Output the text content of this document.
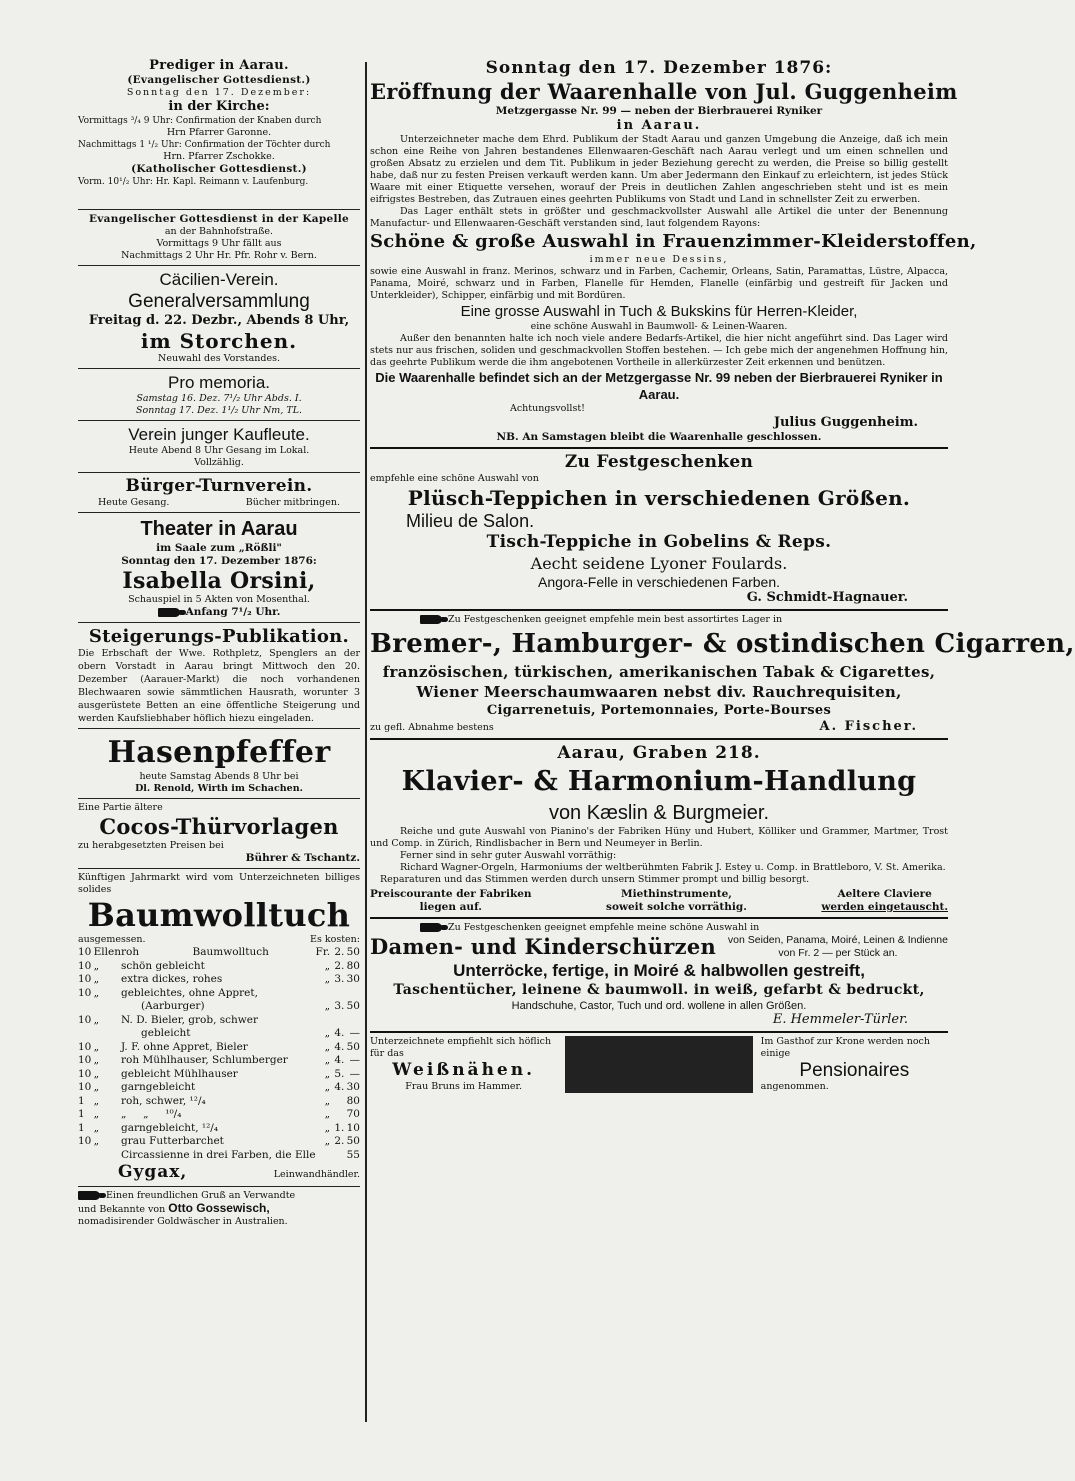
Prediger in Aarau.
(Evangelischer Gottesdienst.)
Sonntag den 17. Dezember:
in der Kirche:
Vormittags ³/₄ 9 Uhr: Confirmation der Knaben durch
Hrn Pfarrer Garonne.
Nachmittags 1 ¹/₂ Uhr: Confirmation der Töchter durch
Hrn. Pfarrer Zschokke.
(Katholischer Gottesdienst.)
Vorm. 10¹/₂ Uhr: Hr. Kapl. Reimann v. Laufenburg.
Evangelischer Gottesdienst in der Kapelle
an der Bahnhofstraße.
Vormittags 9 Uhr fällt aus
Nachmittags 2 Uhr Hr. Pfr. Rohr v. Bern.
Cäcilien-Verein.
Generalversammlung
Freitag d. 22. Dezbr., Abends 8 Uhr,
im Storchen.
Neuwahl des Vorstandes.
Pro memoria.
Samstag 16. Dez. 7¹/₂ Uhr Abds. I.
Sonntag 17. Dez. 1¹/₂ Uhr Nm, TL.
Verein junger Kaufleute.
Heute Abend 8 Uhr Gesang im Lokal.
Vollzählig.
Bürger-Turnverein.
Heute Gesang.	Bücher mitbringen.
Theater in Aarau
im Saale zum „Rößli"
Sonntag den 17. Dezember 1876:
Isabella Orsini,
Schauspiel in 5 Akten von Mosenthal.
Anfang 7¹/₂ Uhr.
Steigerungs-Publikation.
Die Erbschaft der Wwe. Rothpletz, Spenglers an der obern Vorstadt in Aarau bringt Mittwoch den 20. Dezember (Aarauer-Markt) die noch vorhandenen Blechwaaren sowie sämmtlichen Hausrath, worunter 3 ausgerüstete Betten an eine öffentliche Steigerung und werden Kaufsliebhaber höflich hiezu eingeladen.
Hasenpfeffer
heute Samstag Abends 8 Uhr bei
Dl. Renold, Wirth im Schachen.
Eine Partie ältere
Cocos-Thürvorlagen
zu herabgesetzten Preisen bei
Bührer & Tschantz.
Künftigen Jahrmarkt wird vom Unterzeichneten billiges solides
Baumwolltuch
ausgemessen.	Es kosten:
10	Ellen	roh                Baumwolltuch	Fr.	2.	50
10	„	schön gebleicht	„	2.	80
10	„	extra dickes, rohes	„	3.	30
10	„	gebleichtes, ohne Appret,			
		(Aarburger)	„	3.	50
10	„	N. D. Bieler, grob, schwer			
		gebleicht	„	4.	—
10	„	J. F. ohne Appret, Bieler	„	4.	50
10	„	roh Mühlhauser, Schlumberger	„	4.	—
10	„	gebleicht Mühlhauser	„	5.	—
10	„	garngebleicht	„	4.	30
1	„	roh, schwer, ¹²/₄	„		80
1	„	„     „     ¹⁰/₄	„		70
1	„	garngebleicht, ¹²/₄	„	1.	10
10	„	grau Futterbarchet	„	2.	50
		Circassienne in drei Farben, die Elle			55
Gygax,	Leinwandhändler.
Einen freundlichen Gruß an Verwandte
und Bekannte von Otto Gossewisch,
nomadisirender Goldwäscher in Australien.
Sonntag den 17. Dezember 1876:
Eröffnung der Waarenhalle von Jul. Guggenheim
Metzgergasse Nr. 99 — neben der Bierbrauerei Ryniker
in Aarau.
Unterzeichneter mache dem Ehrd. Publikum der Stadt Aarau und ganzen Umgebung die Anzeige, daß ich mein schon eine Reihe von Jahren bestandenes Ellenwaaren-Geschäft nach Aarau verlegt und um einen schnellen und großen Absatz zu erzielen und dem Tit. Publikum in jeder Beziehung gerecht zu werden, die Preise so billig gestellt habe, daß nur zu festen Preisen verkauft werden kann. Um aber Jedermann den Einkauf zu erleichtern, ist jedes Stück Waare mit einer Etiquette versehen, worauf der Preis in deutlichen Zahlen angeschrieben steht und ist es mein eifrigstes Bestreben, das Zutrauen eines geehrten Publikums von Stadt und Land in schnellster Zeit zu erwerben.
Das Lager enthält stets in größter und geschmackvollster Auswahl alle Artikel die unter der Benennung Manufactur- und Ellenwaaren-Geschäft verstanden sind, laut folgendem Rayons:
Schöne & große Auswahl in Frauenzimmer-Kleiderstoffen,
immer neue Dessins,
sowie eine Auswahl in franz. Merinos, schwarz und in Farben, Cachemir, Orleans, Satin, Paramattas, Lüstre, Alpacca, Panama, Moiré, schwarz und in Farben, Flanelle für Hemden, Flanelle (einfärbig und gestreift für Jacken und Unterkleider), Schipper, einfärbig und mit Bordüren.
Eine grosse Auswahl in Tuch & Bukskins für Herren-Kleider,
eine schöne Auswahl in Baumwoll- & Leinen-Waaren.
Außer den benannten halte ich noch viele andere Bedarfs-Artikel, die hier nicht angeführt sind. Das Lager wird stets nur aus frischen, soliden und geschmackvollen Stoffen bestehen. — Ich gebe mich der angenehmen Hoffnung hin, das geehrte Publikum werde die ihm angebotenen Vortheile in allerkürzester Zeit erkennen und benützen.
Die Waarenhalle befindet sich an der Metzgergasse Nr. 99 neben der Bierbrauerei Ryniker in Aarau.
Achtungsvollst!
Julius Guggenheim.
NB. An Samstagen bleibt die Waarenhalle geschlossen.
Zu Festgeschenken
empfehle eine schöne Auswahl von
Plüsch-Teppichen in verschiedenen Größen.
Milieu de Salon.
Tisch-Teppiche in Gobelins & Reps.
Aecht seidene Lyoner Foulards.
Angora-Felle in verschiedenen Farben.
G. Schmidt-Hagnauer.
Zu Festgeschenken geeignet empfehle mein best assortirtes Lager in
Bremer-, Hamburger- & ostindischen Cigarren,
französischen, türkischen, amerikanischen Tabak & Cigarettes,
Wiener Meerschaumwaaren nebst div. Rauchrequisiten,
Cigarrenetuis, Portemonnaies, Porte-Bourses
zu gefl. Abnahme bestens	A. Fischer.
Aarau, Graben 218.
Klavier- & Harmonium-Handlung
von Kæslin & Burgmeier.
Reiche und gute Auswahl von Pianino's der Fabriken Hüny und Hubert, Kölliker und Grammer, Martmer, Trost und Comp. in Zürich, Rindlisbacher in Bern und Neumeyer in Berlin.
Ferner sind in sehr guter Auswahl vorräthig:
Richard Wagner-Orgeln, Harmoniums der weltberühmten Fabrik J. Estey u. Comp. in Brattleboro, V. St. Amerika.
Reparaturen und das Stimmen werden durch unsern Stimmer prompt und billig besorgt.
Preiscourante der Fabriken
liegen auf.
Miethinstrumente,
soweit solche vorräthig.
Aeltere Claviere
werden eingetauscht.
Zu Festgeschenken geeignet empfehle meine schöne Auswahl in
Damen- und Kinderschürzen von Seiden, Panama, Moiré, Leinen & Indienne
von Fr. 2 — per Stück an.
Unterröcke, fertige, in Moiré & halbwollen gestreift,
Taschentücher, leinene & baumwoll. in weiß, gefarbt & bedruckt,
Handschuhe, Castor, Tuch und ord. wollene in allen Größen.
E. Hemmeler-Türler.
Unterzeichnete empfiehlt sich höflich für das
Weißnähen.
Frau Bruns im Hammer.
Im Gasthof zur Krone werden noch einige
Pensionaires
angenommen.
